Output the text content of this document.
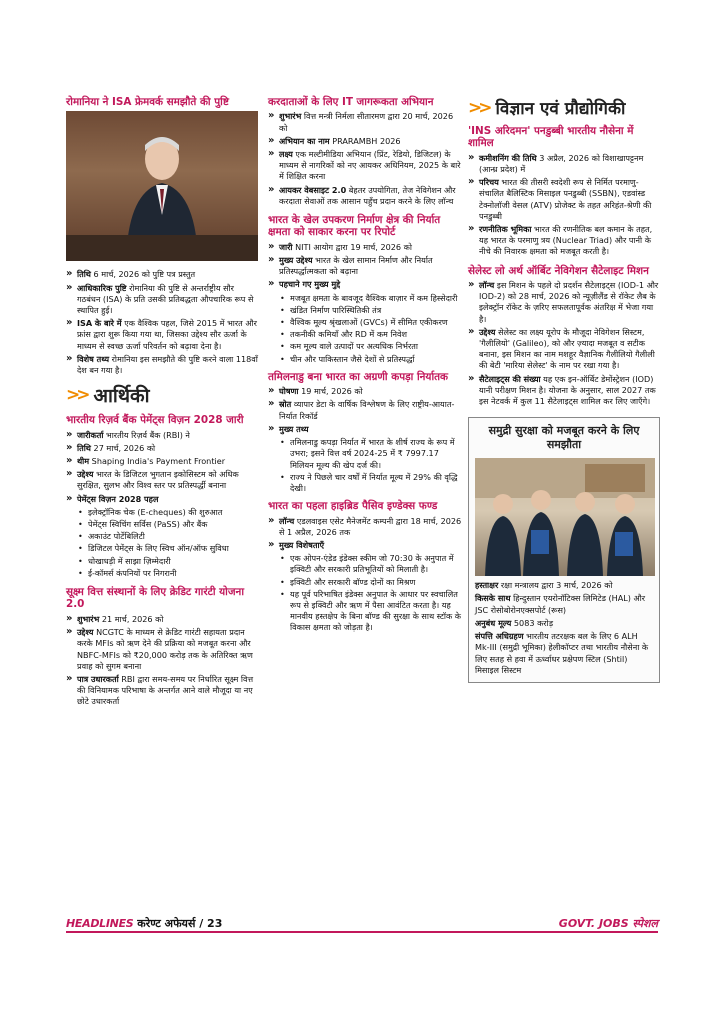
रोमानिया ने ISA फ्रेमवर्क समझौते की पुष्टि
» तिथि 6 मार्च, 2026 को पुष्टि पत्र प्रस्तुत
» आधिकारिक पुष्टि रोमानिया की पुष्टि से अन्तर्राष्ट्रीय सौर गठबंधन (ISA) के प्रति उसकी प्रतिबद्धता औपचारिक रूप से स्थापित हुई।
» ISA के बारे में एक वैश्विक पहल, जिसे 2015 में भारत और फ्रांस द्वारा शुरू किया गया था, जिसका उद्देश्य सौर ऊर्जा के माध्यम से स्वच्छ ऊर्जा परिवर्तन को बढ़ावा देना है।
» विशेष तथ्य रोमानिया इस समझौते की पुष्टि करने वाला 118वाँ देश बन गया है।
>> आर्थिकी
भारतीय रिज़र्व बैंक पेमेंट्स विज़न 2028 जारी
» जारीकर्ता भारतीय रिज़र्व बैंक (RBI) ने
» तिथि 27 मार्च, 2026 को
» थीम Shaping India's Payment Frontier
» उद्देश्य भारत के डिजिटल भुगतान इकोसिस्टम को अधिक सुरक्षित, सुलभ और विश्व स्तर पर प्रतिस्पर्द्धी बनाना
» पेमेंट्स विज़न 2028 पहल
• इलेक्ट्रॉनिक चेक (E-cheques) की शुरुआत
• पेमेंट्स स्विचिंग सर्विस (PaSS) और बैंक
• अकाउंट पोर्टेबिलिटी
• डिजिटल पेमेंट्स के लिए स्विच ऑन/ऑफ सुविधा
• धोखाधड़ी में साझा ज़िम्मेदारी
• ई-कॉमर्स कंपनियों पर निगरानी
सूक्ष्म वित्त संस्थानों के लिए क्रेडिट गारंटी योजना 2.0
» शुभारंभ 21 मार्च, 2026 को
» उद्देश्य NCGTC के माध्यम से क्रेडिट गारंटी सहायता प्रदान करके MFIs को ऋण देने की प्रक्रिया को मजबूत करना और NBFC-MFIs को ₹20,000 करोड़ तक के अतिरिक्त ऋण प्रवाह को सुगम बनाना
» पात्र उधारकर्ता RBI द्वारा समय-समय पर निर्धारित सूक्ष्म वित्त की विनियामक परिभाषा के अन्तर्गत आने वाले मौजूदा या नए छोटे उधारकर्ता
करदाताओं के लिए IT जागरूकता अभियान
» शुभारंभ वित्त मन्त्री निर्मला सीतारमण द्वारा 20 मार्च, 2026 को
» अभियान का नाम PRARAMBH 2026
» लक्ष्य एक मल्टीमीडिया अभियान (प्रिंट, रेडियो, डिजिटल) के माध्यम से नागरिकों को नए आयकर अधिनियम, 2025 के बारे में शिक्षित करना
» आयकर वेबसाइट 2.0 बेहतर उपयोगिता, तेज नेविगेशन और करदाता सेवाओं तक आसान पहुँच प्रदान करने के लिए लॉन्च
भारत के खेल उपकरण निर्माण क्षेत्र की निर्यात क्षमता को साकार करना पर रिपोर्ट
» जारी NITI आयोग द्वारा 19 मार्च, 2026 को
» मुख्य उद्देश्य भारत के खेल सामान निर्माण और निर्यात प्रतिस्पर्द्धात्मकता को बढ़ाना
» पहचाने गए मुख्य मुद्दे
• मजबूत क्षमता के बावजूद वैश्विक बाज़ार में कम हिस्सेदारी
• खंडित निर्माण पारिस्थितिकी तंत्र
• वैश्विक मूल्य श्रृंखलाओं (GVCs) में सीमित एकीकरण
• तकनीकी कमियाँ और RD में कम निवेश
• कम मूल्य वाले उत्पादों पर अत्यधिक निर्भरता
• चीन और पाकिस्तान जैसे देशों से प्रतिस्पर्द्धा
तमिलनाडु बना भारत का अग्रणी कपड़ा निर्यातक
» घोषणा 19 मार्च, 2026 को
» स्रोत व्यापार डेटा के वार्षिक विश्लेषण के लिए राष्ट्रीय-आयात-निर्यात रिकॉर्ड
» मुख्य तथ्य
• तमिलनाडु कपड़ा निर्यात में भारत के शीर्ष राज्य के रूप में उभरा; इसने वित्त वर्ष 2024-25 में ₹ 7997.17 मिलियन मूल्य की खेप दर्ज की।
• राज्य ने पिछले चार वर्षों में निर्यात मूल्य में 29% की वृद्धि देखी।
भारत का पहला हाइब्रिड पैसिव इण्डेक्स फण्ड
» लॉन्च एडलवाइस एसेट मैनेजमेंट कम्पनी द्वारा 18 मार्च, 2026 से 1 अप्रैल, 2026 तक
» मुख्य विशेषताएँ
• एक ओपन-एंडेड इंडेक्स स्कीम जो 70:30 के अनुपात में इक्विटी और सरकारी प्रतिभूतियों को मिलाती है।
• इक्विटी और सरकारी बॉण्ड दोनों का मिश्रण
• यह पूर्व परिभाषित इंडेक्स अनुपात के आधार पर स्वचालित रूप से इक्विटी और ऋण में पैसा आवंटित करता है। यह मानवीय हस्तक्षेप के बिना बॉण्ड की सुरक्षा के साथ स्टॉक के विकास क्षमता को जोड़ता है।
>> विज्ञान एवं प्रौद्योगिकी
'INS अरिदमन' पनडुब्बी भारतीय नौसेना में शामिल
» कमीशनिंग की तिथि 3 अप्रैल, 2026 को विशाखापट्टनम (आन्ध्र प्रदेश) में
» परिचय भारत की तीसरी स्वदेशी रूप से निर्मित परमाणु-संचालित बैलिस्टिक मिसाइल पनडुब्बी (SSBN), एडवांस्ड टेक्नोलॉजी वेसल (ATV) प्रोजेक्ट के तहत अरिहंत-श्रेणी की पनडुब्बी
» रणनीतिक भूमिका भारत की रणनीतिक बल कमान के तहत, यह भारत के परमाणु त्रय (Nuclear Triad) और पानी के नीचे की निवारक क्षमता को मजबूत करती है।
सेलेस्ट लो अर्थ ऑर्बिट नेविगेशन सैटेलाइट मिशन
» लॉन्च इस मिशन के पहले दो प्रदर्शन सैटेलाइट्स (IOD-1 और IOD-2) को 28 मार्च, 2026 को न्यूज़ीलैंड से रॉकेट लैब के इलेक्ट्रॉन रॉकेट के ज़रिए सफलतापूर्वक अंतरिक्ष में भेजा गया है।
» उद्देश्य सेलेस्ट का लक्ष्य यूरोप के मौजूदा नेविगेशन सिस्टम, 'गैलीलियो' (Galileo), को और ज़्यादा मजबूत व सटीक बनाना, इस मिशन का नाम मशहूर वैज्ञानिक गैलीलियो गैलीली की बेटी 'मारिया सेलेस्ट' के नाम पर रखा गया है।
» सैटेलाइट्स की संख्या यह एक इन-ऑर्बिट डेमोंस्ट्रेशन (IOD) यानी परीक्षण मिशन है। योजना के अनुसार, साल 2027 तक इस नेटवर्क में कुल 11 सैटेलाइट्स शामिल कर लिए जाएँगे।
समुद्री सुरक्षा को मजबूत करने के लिए समझौता
हस्ताक्षर रक्षा मन्त्रालय द्वारा 3 मार्च, 2026 को
किसके साथ हिन्दुस्तान एयरोनॉटिक्स लिमिटेड (HAL) और JSC रोसोबोरोनएक्सपोर्ट (रूस)
अनुबंध मूल्य 5083 करोड़
संपत्ति अधिग्रहण भारतीय तटरक्षक बल के लिए 6 ALH Mk-III (समुद्री भूमिका) हेलीकॉप्टर तथा भारतीय नौसेना के लिए सतह से हवा में ऊर्ध्वाधर प्रक्षेपण स्टिल (Shtil) मिसाइल सिस्टम
HEADLINES करेण्ट अफेयर्स / 23	GOVT. JOBS स्पेशल
